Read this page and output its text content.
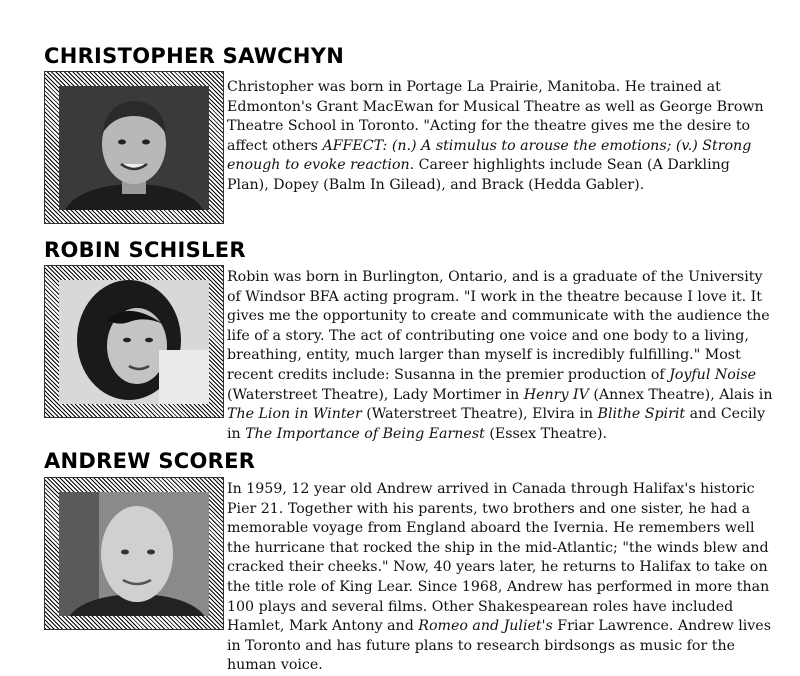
CHRISTOPHER SAWCHYN

Christopher was born in Portage La Prairie, Manitoba. He trained at Edmonton's Grant MacEwan for Musical Theatre as well as George Brown Theatre School in Toronto. "Acting for the theatre gives me the desire to affect others AFFECT: (n.) A stimulus to arouse the emotions; (v.) Strong enough to evoke reaction. Career highlights include Sean (A Darkling Plan), Dopey (Balm In Gilead), and Brack (Hedda Gabler).

ROBIN SCHISLER

Robin was born in Burlington, Ontario, and is a graduate of the University of Windsor BFA acting program. "I work in the theatre because I love it. It gives me the opportunity to create and communicate with the audience the life of a story. The act of contributing one voice and one body to a living, breathing, entity, much larger than myself is incredibly fulfilling." Most recent credits include: Susanna in the premier production of Joyful Noise (Waterstreet Theatre), Lady Mortimer in Henry IV (Annex Theatre), Alais in The Lion in Winter (Waterstreet Theatre), Elvira in Blithe Spirit and Cecily in The Importance of Being Earnest (Essex Theatre).

ANDREW SCORER

In 1959, 12 year old Andrew arrived in Canada through Halifax's historic Pier 21. Together with his parents, two brothers and one sister, he had a memorable voyage from England aboard the Ivernia. He remembers well the hurricane that rocked the ship in the mid-Atlantic; "the winds blew and cracked their cheeks." Now, 40 years later, he returns to Halifax to take on the title role of King Lear. Since 1968, Andrew has performed in more than 100 plays and several films. Other Shakespearean roles have included Hamlet, Mark Antony and Romeo and Juliet's Friar Lawrence. Andrew lives in Toronto and has future plans to research birdsongs as music for the human voice.
